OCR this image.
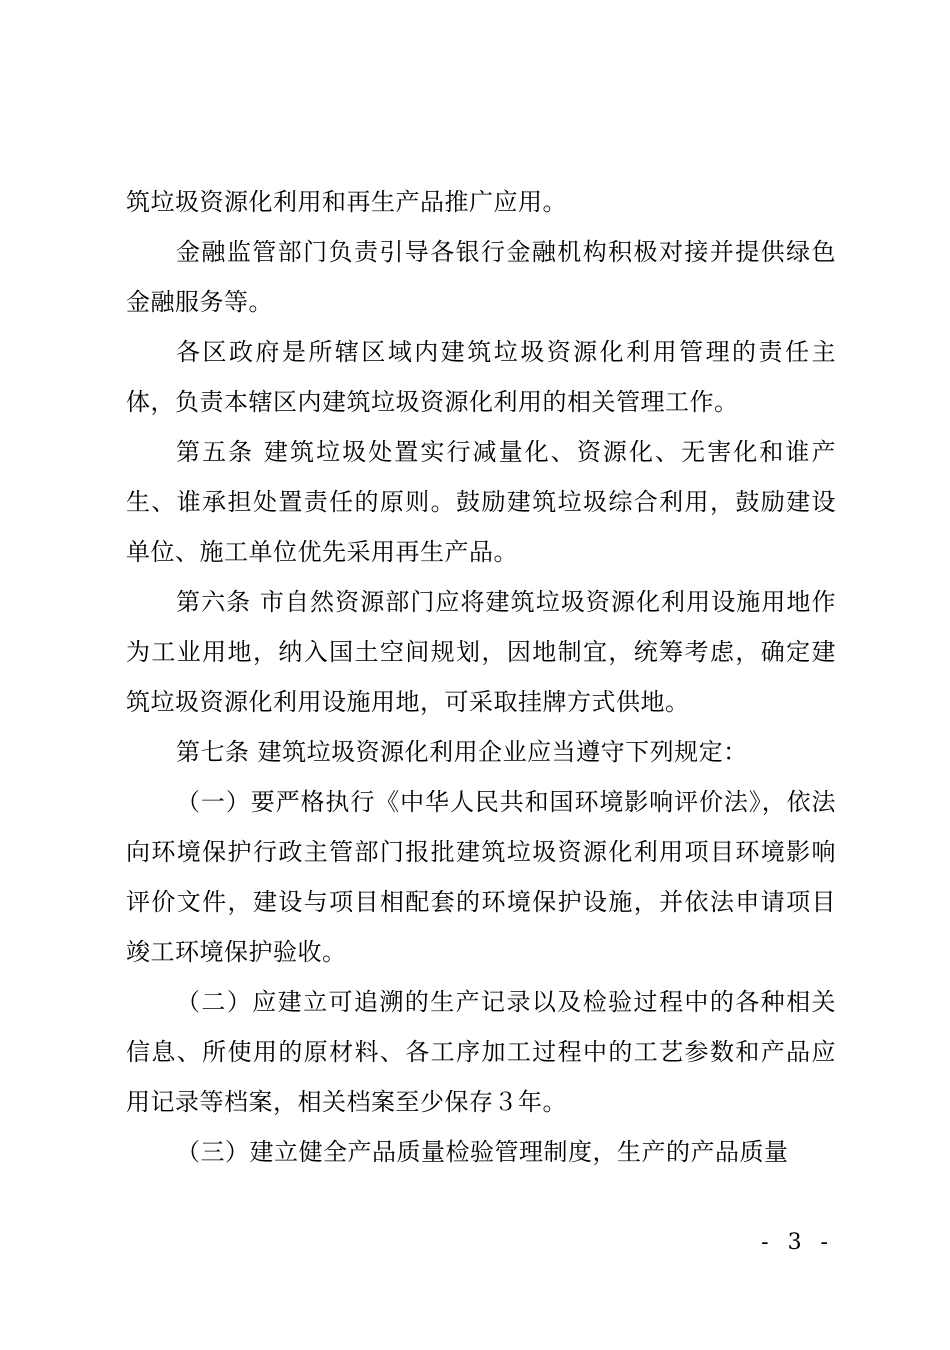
筑垃圾资源化利用和再生产品推广应用。

金融监管部门负责引导各银行金融机构积极对接并提供绿色金融服务等。

各区政府是所辖区域内建筑垃圾资源化利用管理的责任主体，负责本辖区内建筑垃圾资源化利用的相关管理工作。

第五条 建筑垃圾处置实行减量化、资源化、无害化和谁产生、谁承担处置责任的原则。鼓励建筑垃圾综合利用，鼓励建设单位、施工单位优先采用再生产品。

第六条 市自然资源部门应将建筑垃圾资源化利用设施用地作为工业用地，纳入国土空间规划，因地制宜，统筹考虑，确定建筑垃圾资源化利用设施用地，可采取挂牌方式供地。

第七条 建筑垃圾资源化利用企业应当遵守下列规定：

（一）要严格执行《中华人民共和国环境影响评价法》，依法向环境保护行政主管部门报批建筑垃圾资源化利用项目环境影响评价文件，建设与项目相配套的环境保护设施，并依法申请项目竣工环境保护验收。

（二）应建立可追溯的生产记录以及检验过程中的各种相关信息、所使用的原材料、各工序加工过程中的工艺参数和产品应用记录等档案，相关档案至少保存３年。

（三）建立健全产品质量检验管理制度，生产的产品质量

- 3 -
